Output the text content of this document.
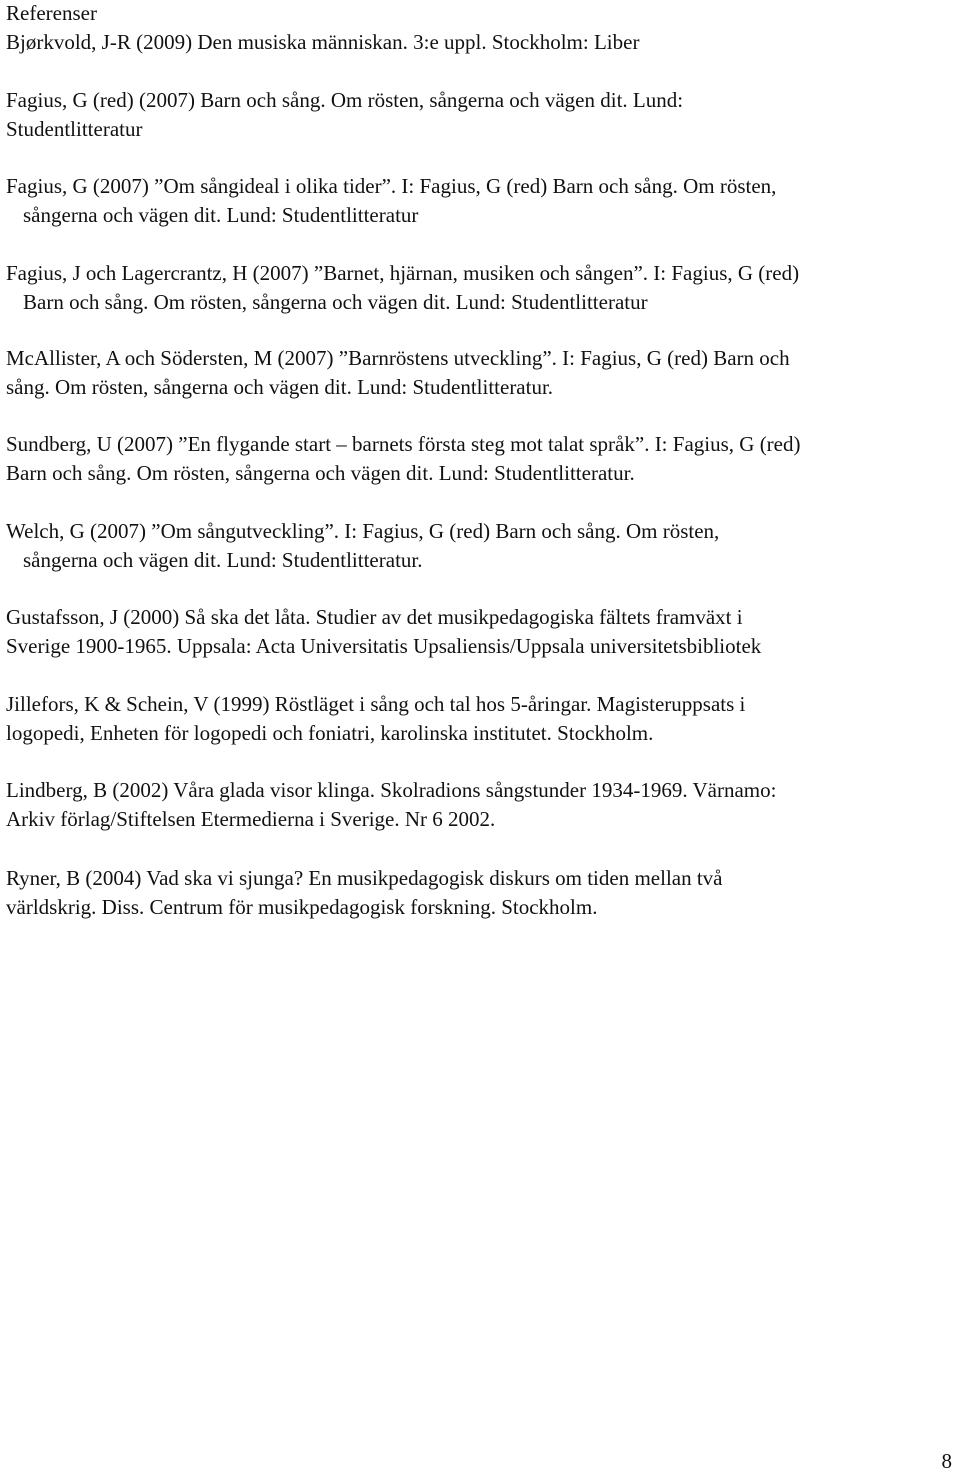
Referenser

Bjørkvold, J-R (2009) Den musiska människan. 3:e uppl. Stockholm: Liber

Fagius, G (red) (2007) Barn och sång. Om rösten, sångerna och vägen dit. Lund:
Studentlitteratur

Fagius, G (2007) ”Om sångideal i olika tider”. I: Fagius, G (red) Barn och sång. Om rösten,
sångerna och vägen dit. Lund: Studentlitteratur

Fagius, J och Lagercrantz, H (2007) ”Barnet, hjärnan, musiken och sången”. I: Fagius, G (red)
Barn och sång. Om rösten, sångerna och vägen dit. Lund: Studentlitteratur

McAllister, A och Södersten, M (2007) ”Barnröstens utveckling”. I: Fagius, G (red) Barn och
sång. Om rösten, sångerna och vägen dit. Lund: Studentlitteratur.

Sundberg, U (2007) ”En flygande start – barnets första steg mot talat språk”. I: Fagius, G (red)
Barn och sång. Om rösten, sångerna och vägen dit. Lund: Studentlitteratur.

Welch, G (2007) ”Om sångutveckling”. I: Fagius, G (red) Barn och sång. Om rösten,
sångerna och vägen dit. Lund: Studentlitteratur.

Gustafsson, J (2000) Så ska det låta. Studier av det musikpedagogiska fältets framväxt i
Sverige 1900-1965. Uppsala: Acta Universitatis Upsaliensis/Uppsala universitetsbibliotek

Jillefors, K & Schein, V (1999) Röstläget i sång och tal hos 5-åringar. Magisteruppsats i
logopedi, Enheten för logopedi och foniatri, karolinska institutet. Stockholm.

Lindberg, B (2002) Våra glada visor klinga. Skolradions sångstunder 1934-1969. Värnamo:
Arkiv förlag/Stiftelsen Etermedierna i Sverige. Nr 6 2002.

Ryner, B (2004) Vad ska vi sjunga? En musikpedagogisk diskurs om tiden mellan två
världskrig. Diss. Centrum för musikpedagogisk forskning. Stockholm.

8
